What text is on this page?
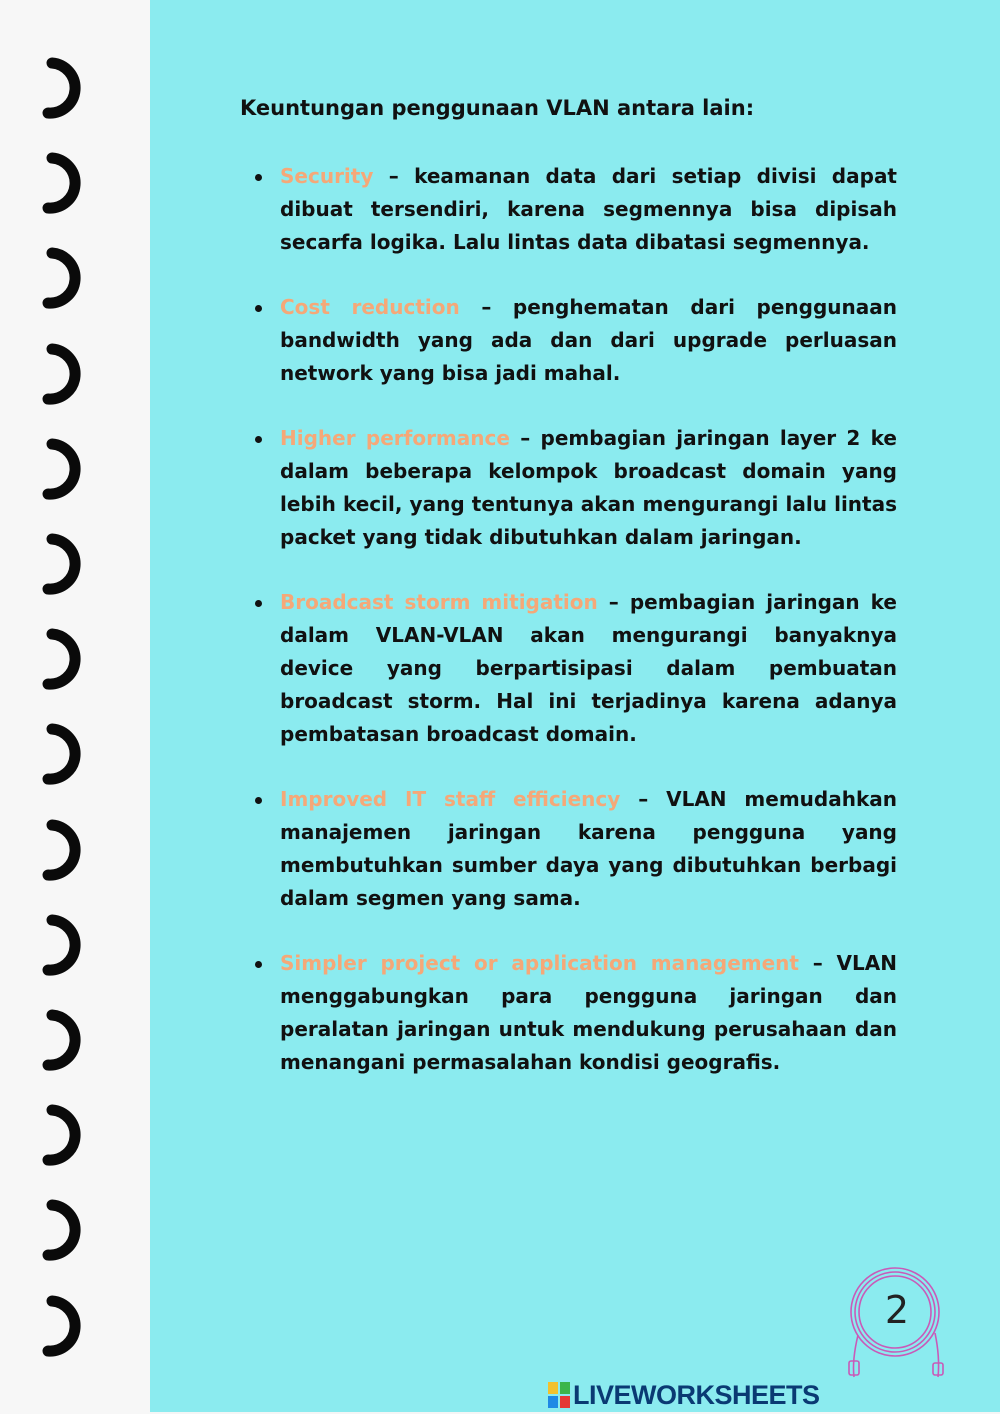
Keuntungan penggunaan VLAN antara lain:
Security – keamanan data dari setiap divisi dapat dibuat tersendiri, karena segmennya bisa dipisah secarfa logika. Lalu lintas data dibatasi segmennya.
Cost reduction – penghematan dari penggunaan bandwidth yang ada dan dari upgrade perluasan network yang bisa jadi mahal.
Higher performance – pembagian jaringan layer 2 ke dalam beberapa kelompok broadcast domain yang lebih kecil, yang tentunya akan mengurangi lalu lintas packet yang tidak dibutuhkan dalam jaringan.
Broadcast storm mitigation – pembagian jaringan ke dalam VLAN-VLAN akan mengurangi banyaknya device yang berpartisipasi dalam pembuatan broadcast storm. Hal ini terjadinya karena adanya pembatasan broadcast domain.
Improved IT staff efficiency – VLAN memudahkan manajemen jaringan karena pengguna yang membutuhkan sumber daya yang dibutuhkan berbagi dalam segmen yang sama.
Simpler project or application management – VLAN menggabungkan para pengguna jaringan dan peralatan jaringan untuk mendukung perusahaan dan menangani permasalahan kondisi geografis.
2
LIVEWORKSHEETS
